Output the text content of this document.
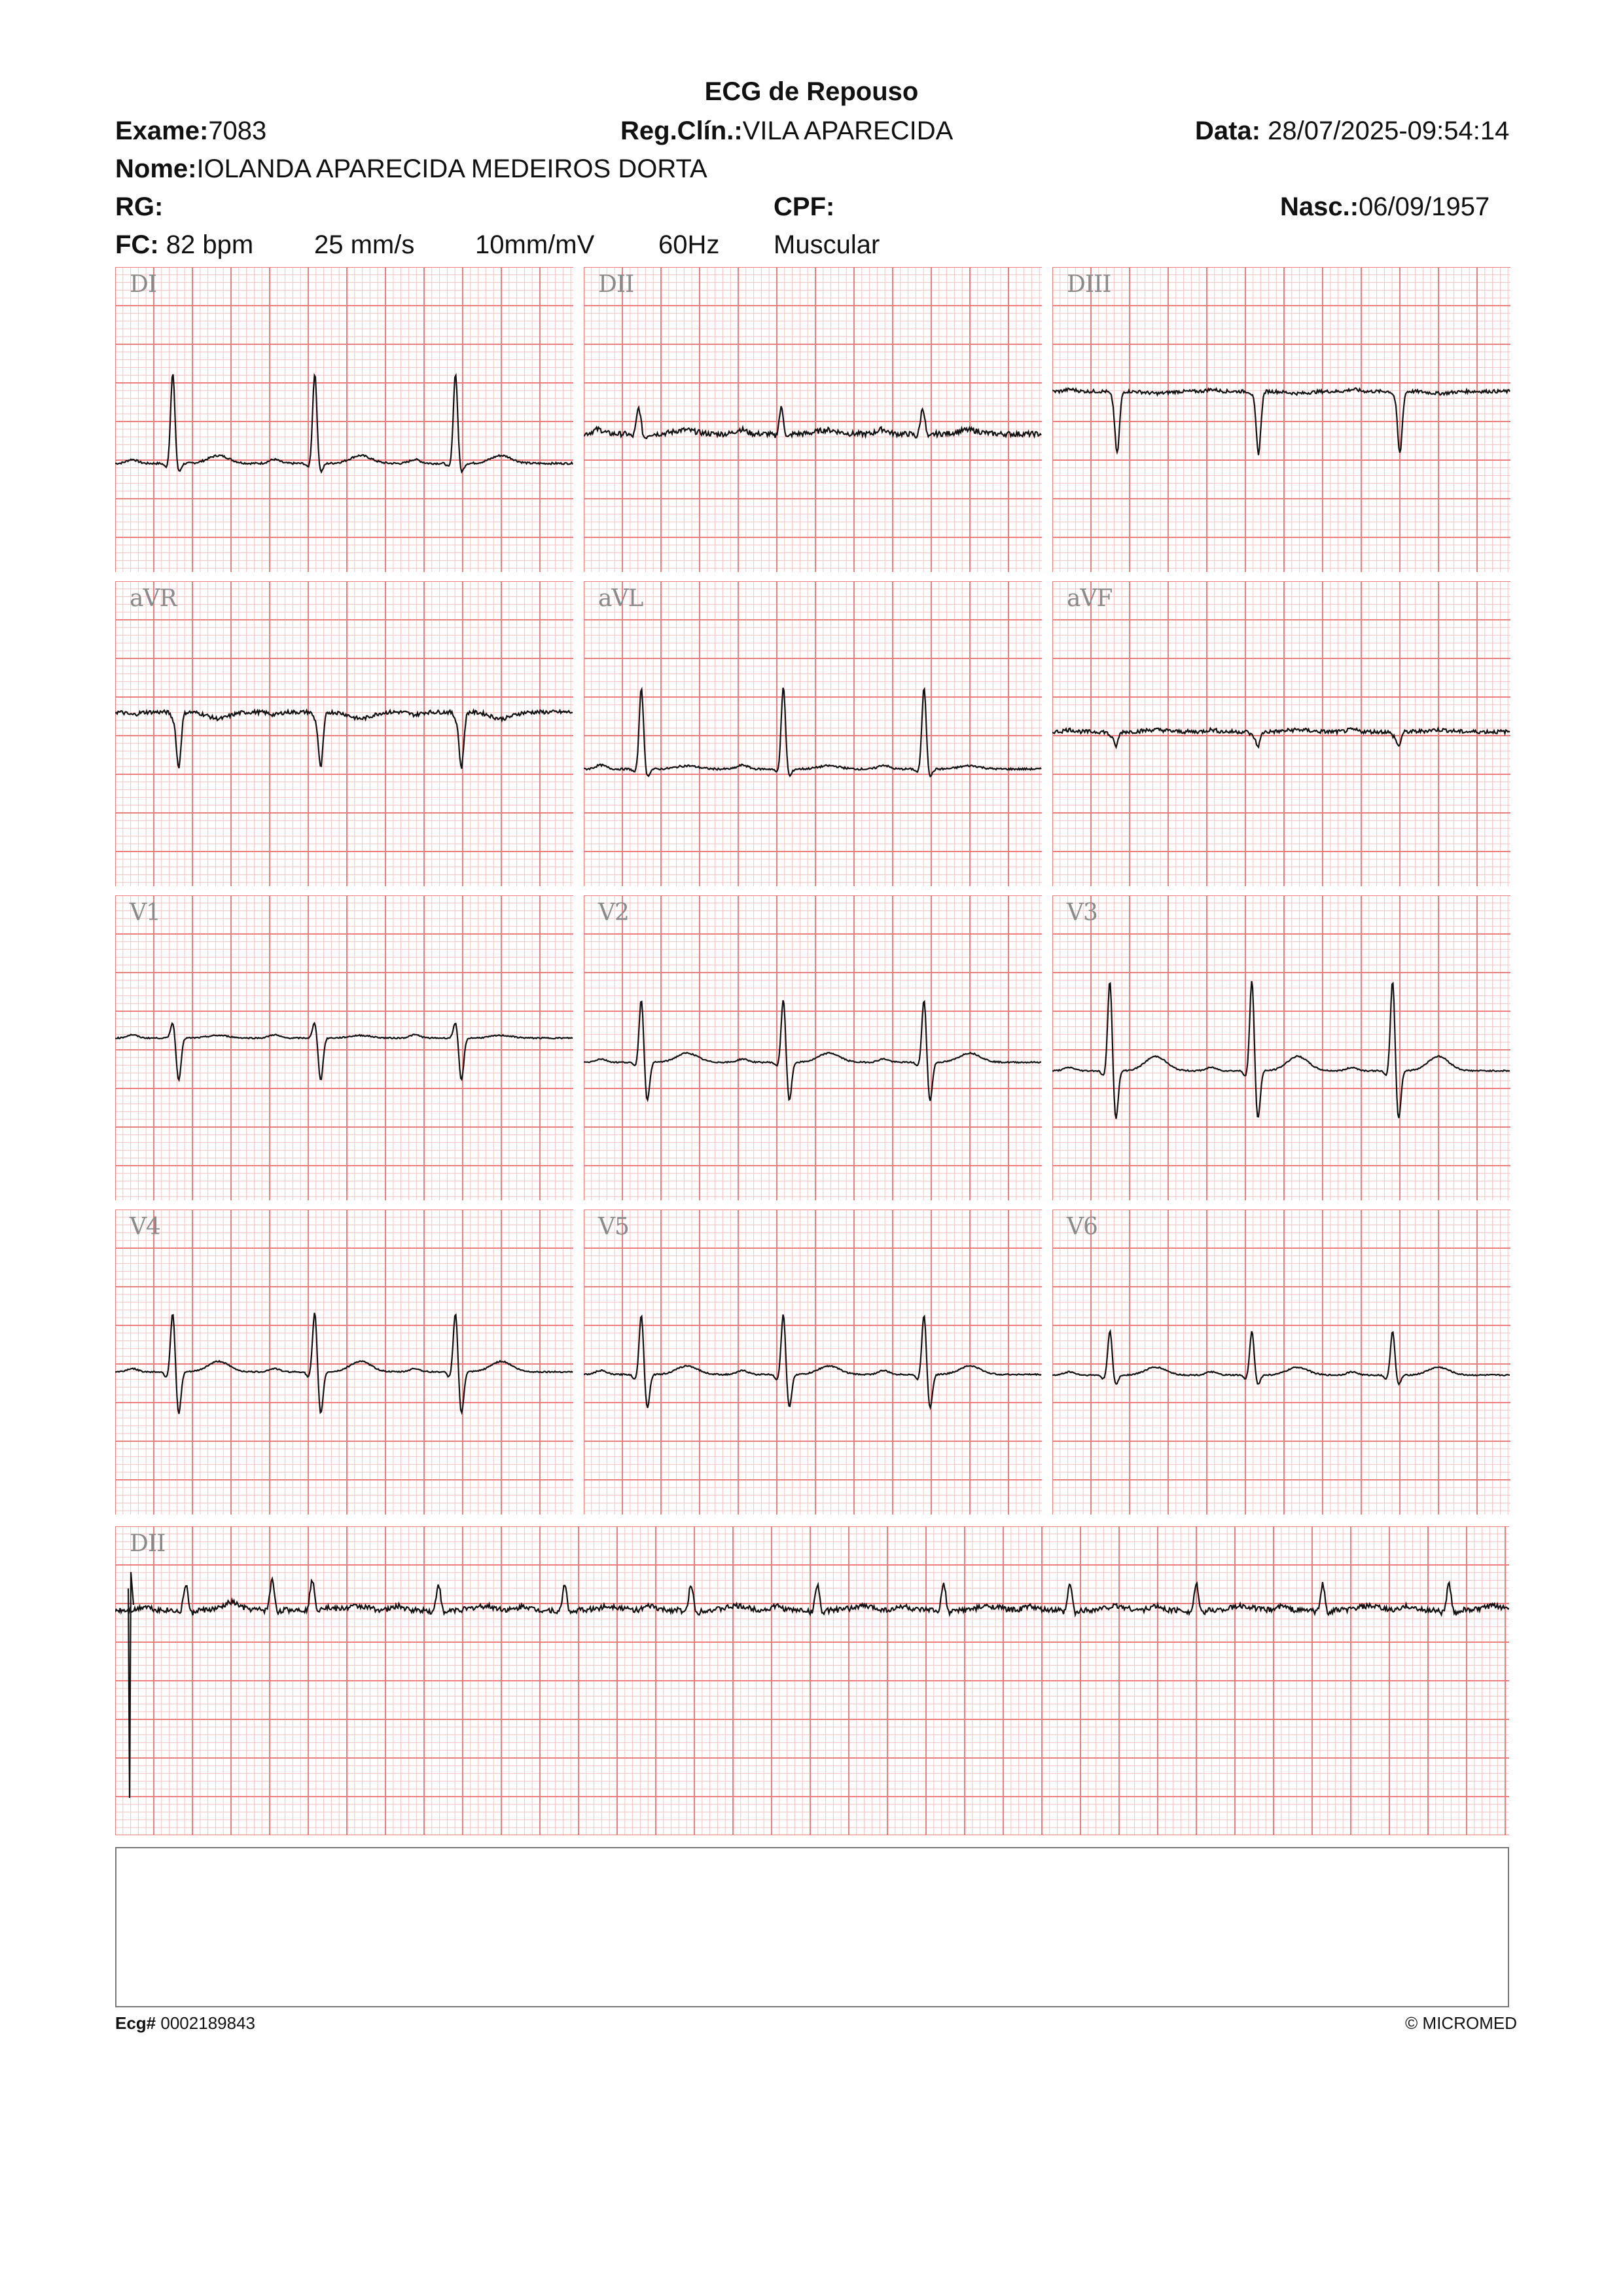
ECG de Repouso
Exame:7083	Reg.Clín.:VILA APARECIDA	Data: 28/07/2025-09:54:14
Nome:IOLANDA APARECIDA MEDEIROS DORTA
RG:	CPF:	Nasc.:06/09/1957
FC: 82 bpm 25 mm/s 10mm/mV 60Hz Muscular
DI	DII	DIII
aVR	aVL	aVF
V1	V2	V3
V4	V5	V6
DII
Ecg# 0002189843	© MICROMED
